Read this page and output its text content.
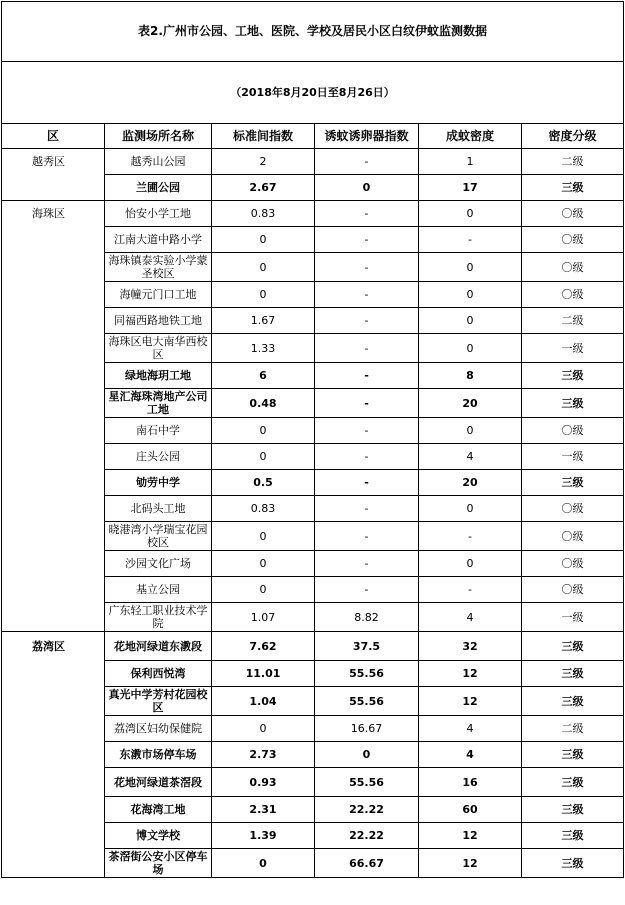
表2.广州市公园、工地、医院、学校及居民小区白纹伊蚊监测数据					
（2018年8月20日至8月26日）					
区	监测场所名称	标准间指数	诱蚊诱卵器指数	成蚊密度	密度分级
越秀区	越秀山公园	2	-	1	二级
	兰圃公园	2.67	0	17	三级
海珠区	怡安小学工地	0.83	-	0	〇级
	江南大道中路小学	0	-	-	〇级
	海珠镇泰实验小学蒙圣校区	0	-	0	〇级
	海幢元门口工地	0	-	0	〇级
	同福西路地铁工地	1.67	-	0	二级
	海珠区电大南华西校区	1.33	-	0	一级
	绿地海玥工地	6	-	8	三级
	星汇海珠湾地产公司工地	0.48	-	20	三级
	南石中学	0	-	0	〇级
	庄头公园	0	-	4	一级
	劬劳中学	0.5	-	20	三级
	北码头工地	0.83	-	0	〇级
	晓港湾小学瑞宝花园校区	0	-	-	〇级
	沙园文化广场	0	-	0	〇级
	基立公园	0	-	-	〇级
	广东轻工职业技术学院	1.07	8.82	4	一级
荔湾区	花地河绿道东漖段	7.62	37.5	32	三级
	保利西悦湾	11.01	55.56	12	三级
	真光中学芳村花园校区	1.04	55.56	12	三级
	荔湾区妇幼保健院	0	16.67	4	二级
	东漖市场停车场	2.73	0	4	三级
	花地河绿道茶滘段	0.93	55.56	16	三级
	花海湾工地	2.31	22.22	60	三级
	博文学校	1.39	22.22	12	三级
	茶滘街公安小区停车场	0	66.67	12	三级
